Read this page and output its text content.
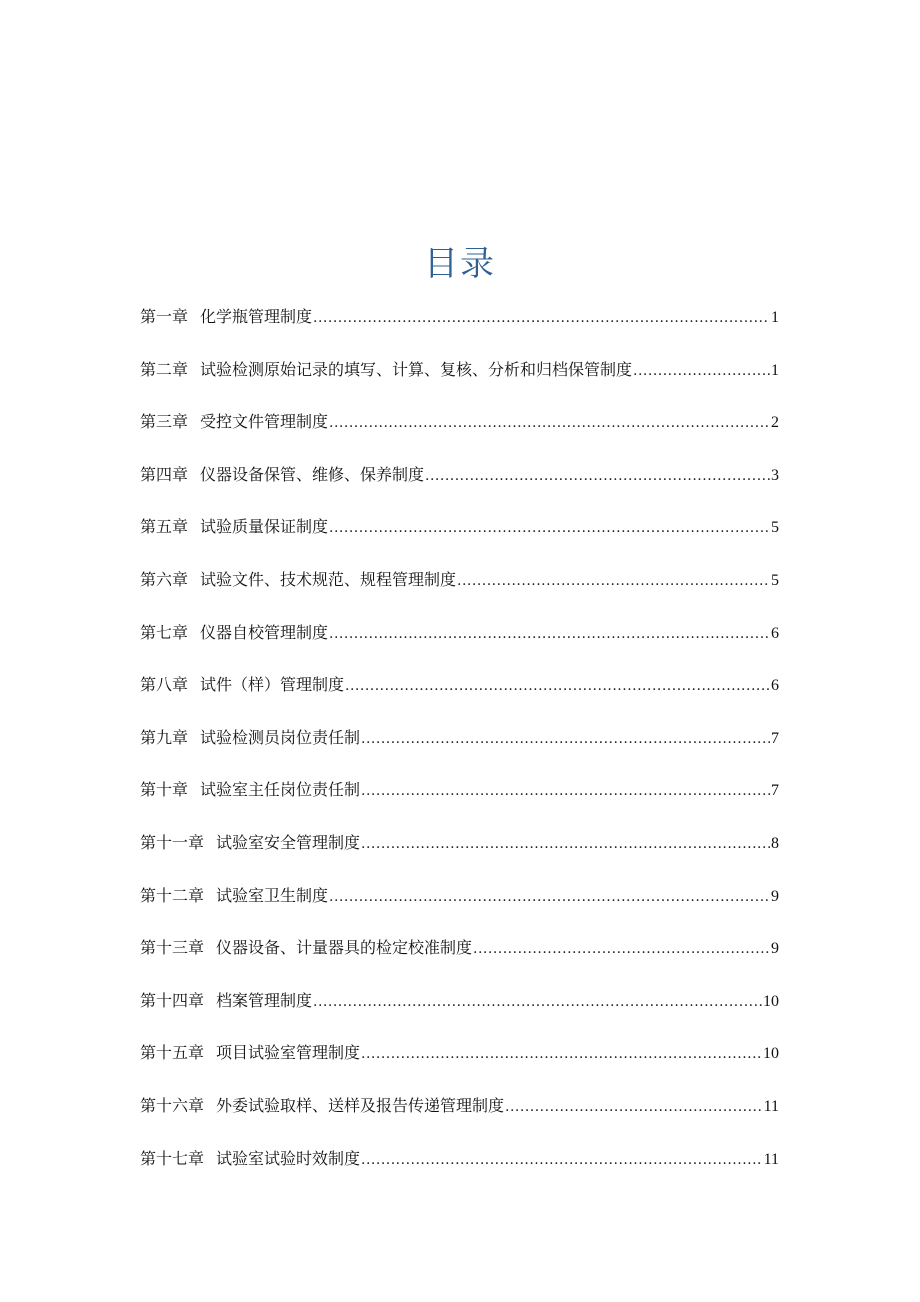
目录
第一章 化学瓶管理制度 .....	1
第二章 试验检测原始记录的填写、计算、复核、分析和归档保管制度 .....	1
第三章 受控文件管理制度 .....	2
第四章 仪器设备保管、维修、保养制度 .....	3
第五章 试验质量保证制度 .....	5
第六章 试验文件、技术规范、规程管理制度 .....	5
第七章 仪器自校管理制度 .....	6
第八章 试件（样）管理制度 .....	6
第九章 试验检测员岗位责任制 .....	7
第十章 试验室主任岗位责任制 .....	7
第十一章 试验室安全管理制度 .....	8
第十二章 试验室卫生制度 .....	9
第十三章 仪器设备、计量器具的检定校准制度 .....	9
第十四章 档案管理制度 .....	10
第十五章 项目试验室管理制度 .....	10
第十六章 外委试验取样、送样及报告传递管理制度 .....	11
第十七章 试验室试验时效制度 .....	11
